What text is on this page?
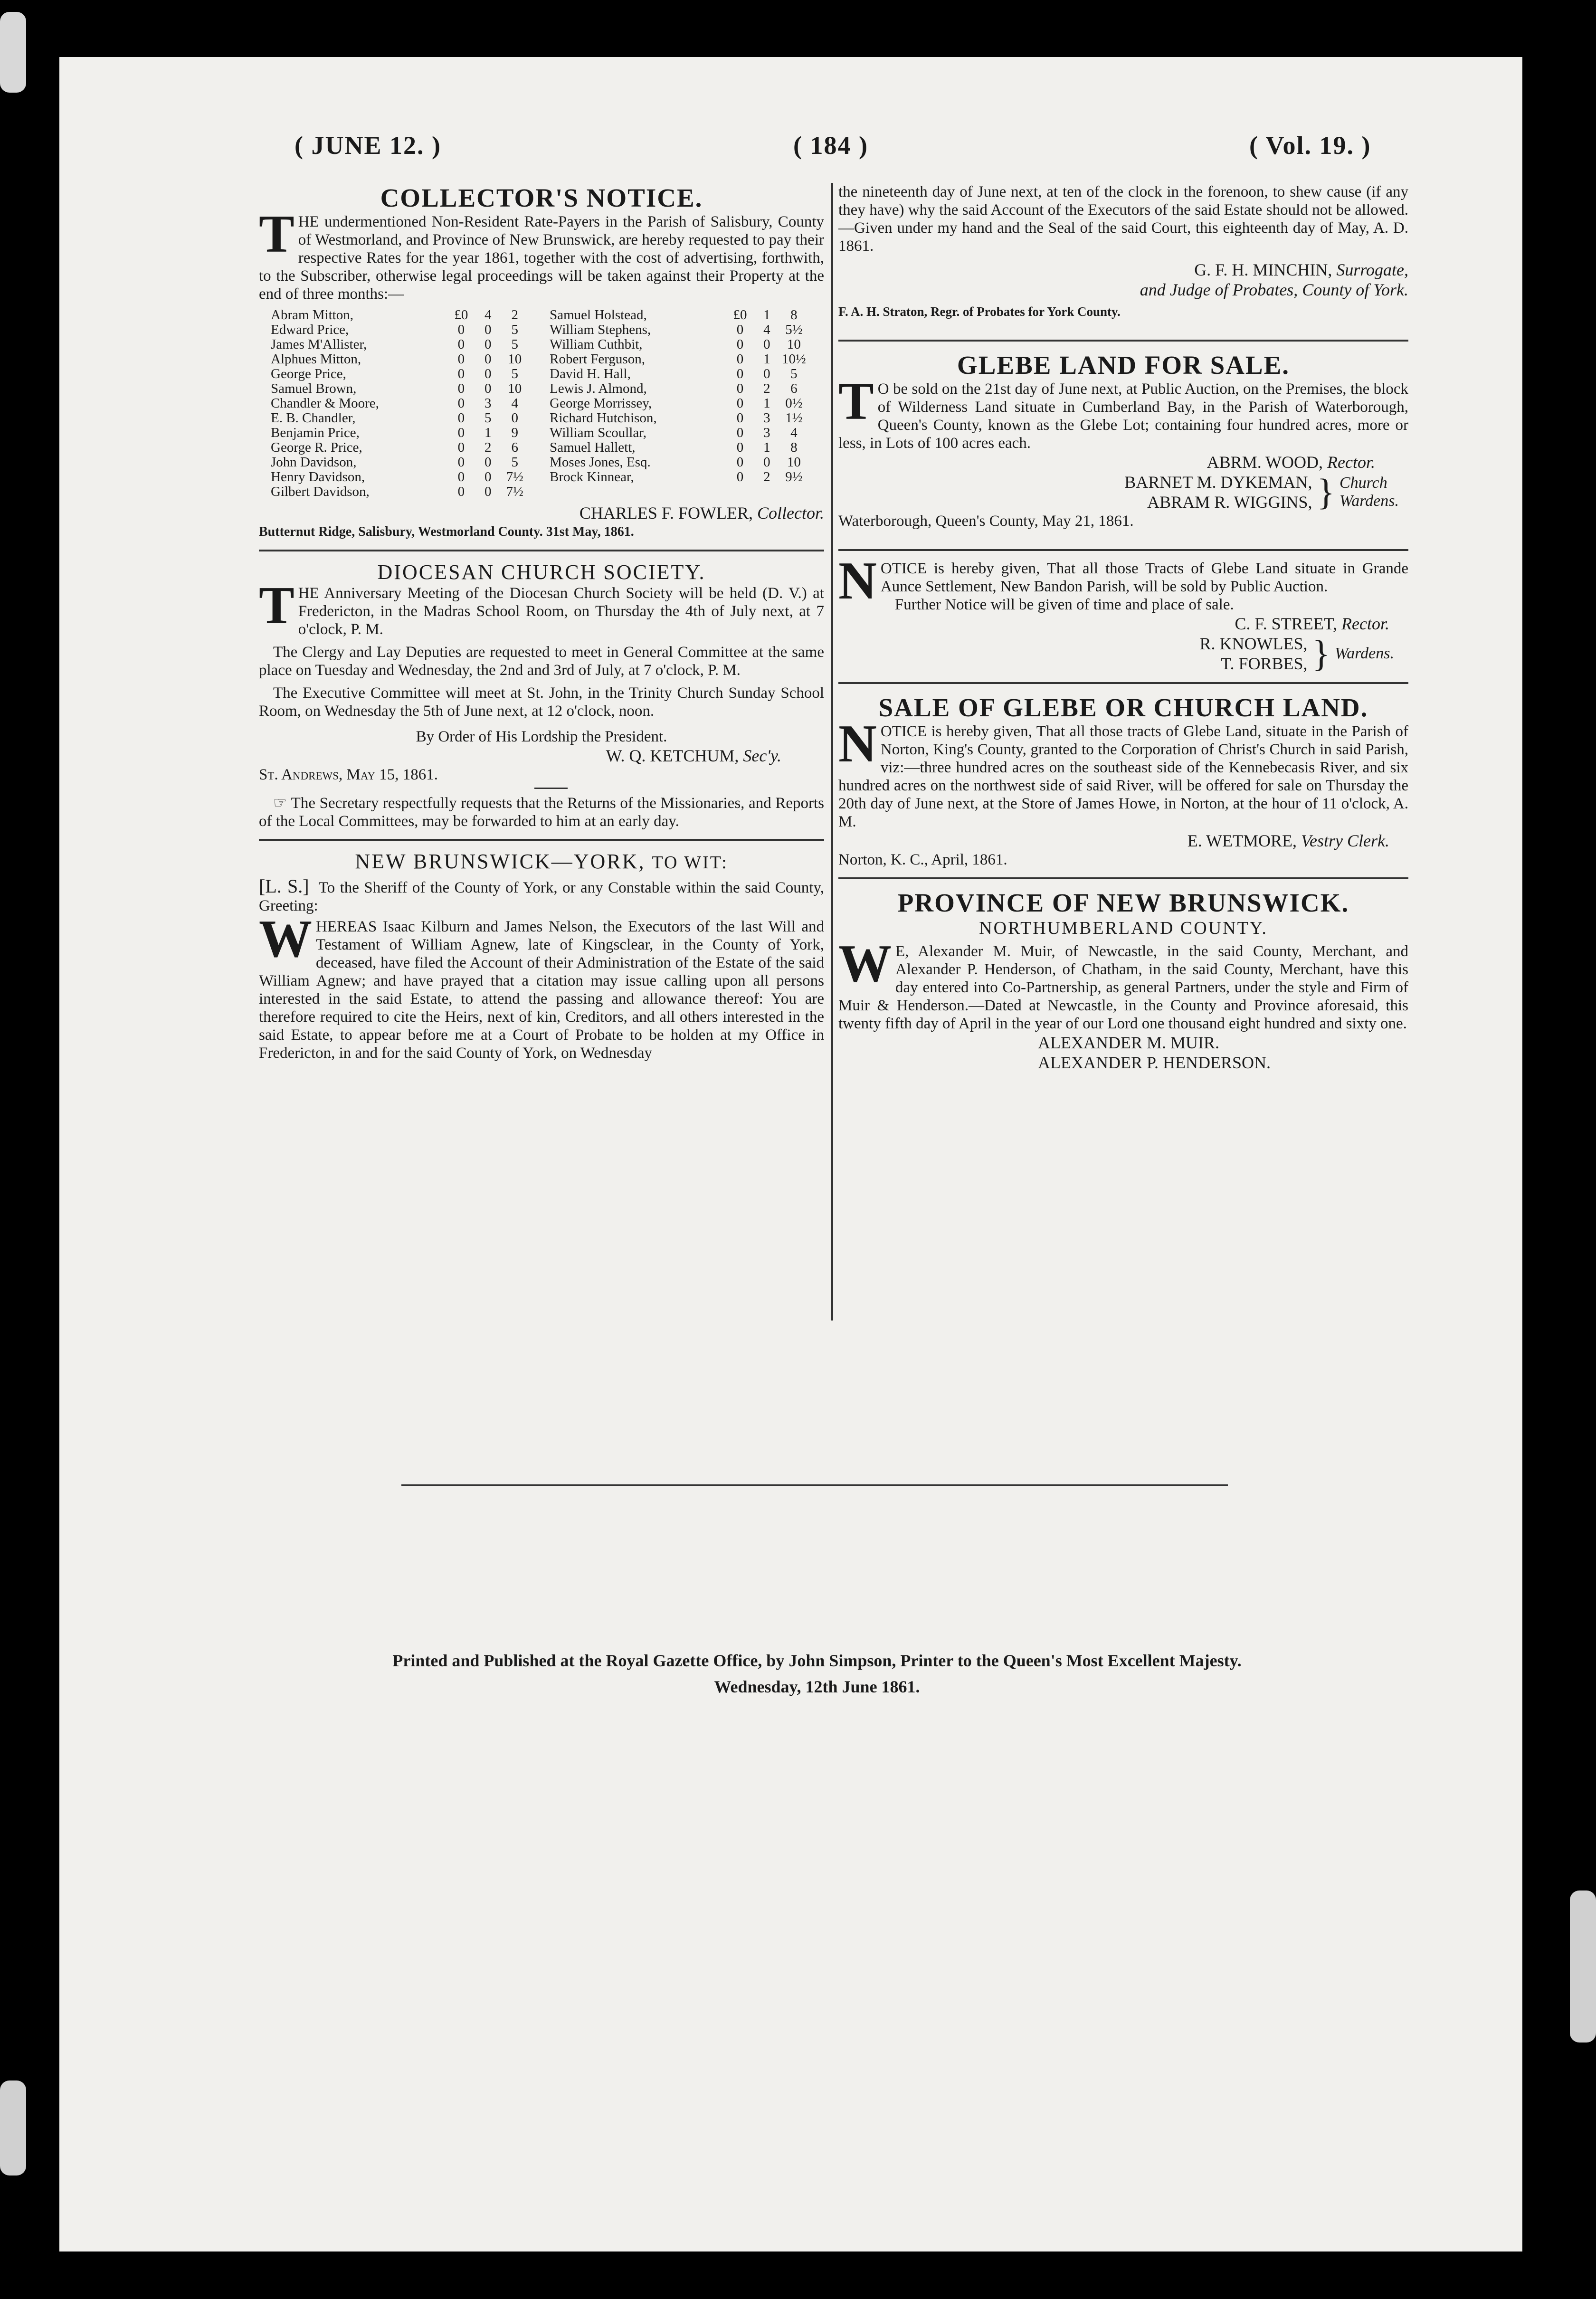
( JUNE 12. )	( 184 )	( Vol. 19. )
COLLECTOR'S NOTICE.

THE undermentioned Non-Resident Rate-Payers in the Parish of Salisbury, County of Westmorland, and Province of New Brunswick, are hereby requested to pay their respective Rates for the year 1861, together with the cost of advertising, forthwith, to the Subscriber, otherwise legal proceedings will be taken against their Property at the end of three months:—

Abram Mitton,	£0	4	2		Samuel Holstead,	£0	1	8
Edward Price,	0	0	5		William Stephens,	0	4	5½
James M'Allister,	0	0	5		William Cuthbit,	0	0	10
Alphues Mitton,	0	0	10		Robert Ferguson,	0	1	10½
George Price,	0	0	5		David H. Hall,	0	0	5
Samuel Brown,	0	0	10		Lewis J. Almond,	0	2	6
Chandler & Moore,	0	3	4		George Morrissey,	0	1	0½
E. B. Chandler,	0	5	0		Richard Hutchison,	0	3	1½
Benjamin Price,	0	1	9		William Scoullar,	0	3	4
George R. Price,	0	2	6		Samuel Hallett,	0	1	8
John Davidson,	0	0	5		Moses Jones, Esq.	0	0	10
Henry Davidson,	0	0	7½		Brock Kinnear,	0	2	9½
Gilbert Davidson,	0	0	7½					
CHARLES F. FOWLER, Collector.

Butternut Ridge, Salisbury, Westmorland County. 31st May, 1861.

DIOCESAN CHURCH SOCIETY.

THE Anniversary Meeting of the Diocesan Church Society will be held (D. V.) at Fredericton, in the Madras School Room, on Thursday the 4th of July next, at 7 o'clock, P. M.

The Clergy and Lay Deputies are requested to meet in General Committee at the same place on Tuesday and Wednesday, the 2nd and 3rd of July, at 7 o'clock, P. M.

The Executive Committee will meet at St. John, in the Trinity Church Sunday School Room, on Wednesday the 5th of June next, at 12 o'clock, noon.

By Order of His Lordship the President.

W. Q. KETCHUM, Sec'y.

St. Andrews, May 15, 1861.

☞ The Secretary respectfully requests that the Returns of the Missionaries, and Reports of the Local Committees, may be forwarded to him at an early day.

NEW BRUNSWICK—YORK, TO WIT:

[L. S.] To the Sheriff of the County of York, or any Constable within the said County, Greeting:

WHEREAS Isaac Kilburn and James Nelson, the Executors of the last Will and Testament of William Agnew, late of Kingsclear, in the County of York, deceased, have filed the Account of their Administration of the Estate of the said William Agnew; and have prayed that a citation may issue calling upon all persons interested in the said Estate, to attend the passing and allowance thereof: You are therefore required to cite the Heirs, next of kin, Creditors, and all others interested in the said Estate, to appear before me at a Court of Probate to be holden at my Office in Fredericton, in and for the said County of York, on Wednesday

the nineteenth day of June next, at ten of the clock in the forenoon, to shew cause (if any they have) why the said Account of the Executors of the said Estate should not be allowed.—Given under my hand and the Seal of the said Court, this eighteenth day of May, A. D. 1861.

G. F. H. MINCHIN, Surrogate,
and Judge of Probates, County of York.

F. A. H. Straton, Regr. of Probates for York County.

GLEBE LAND FOR SALE.

T O be sold on the 21st day of June next, at Public Auction, on the Premises, the block of Wilderness Land situate in Cumberland Bay, in the Parish of Waterborough, Queen's County, known as the Glebe Lot; containing four hundred acres, more or less, in Lots of 100 acres each.

ABRM. WOOD, Rector.
BARNET M. DYKEMAN,
ABRAM R. WIGGINS, } Church
Wardens.

Waterborough, Queen's County, May 21, 1861.

NOTICE is hereby given, That all those Tracts of Glebe Land situate in Grande Aunce Settlement, New Bandon Parish, will be sold by Public Auction.

Further Notice will be given of time and place of sale.

C. F. STREET, Rector.
R. KNOWLES,
T. FORBES, } Wardens.
SALE OF GLEBE OR CHURCH LAND.

NOTICE is hereby given, That all those tracts of Glebe Land, situate in the Parish of Norton, King's County, granted to the Corporation of Christ's Church in said Parish, viz:—three hundred acres on the southeast side of the Kennebecasis River, and six hundred acres on the northwest side of said River, will be offered for sale on Thursday the 20th day of June next, at the Store of James Howe, in Norton, at the hour of 11 o'clock, A. M.

E. WETMORE, Vestry Clerk.

Norton, K. C., April, 1861.

PROVINCE OF NEW BRUNSWICK.
NORTHUMBERLAND COUNTY.

W E, Alexander M. Muir, of Newcastle, in the said County, Merchant, and Alexander P. Henderson, of Chatham, in the said County, Merchant, have this day entered into Co-Partnership, as general Partners, under the style and Firm of Muir & Henderson.—Dated at Newcastle, in the County and Province aforesaid, this twenty fifth day of April in the year of our Lord one thousand eight hundred and sixty one.

ALEXANDER M. MUIR.
ALEXANDER P. HENDERSON.
Printed and Published at the Royal Gazette Office, by John Simpson, Printer to the Queen's Most Excellent Majesty.
Wednesday, 12th June 1861.
